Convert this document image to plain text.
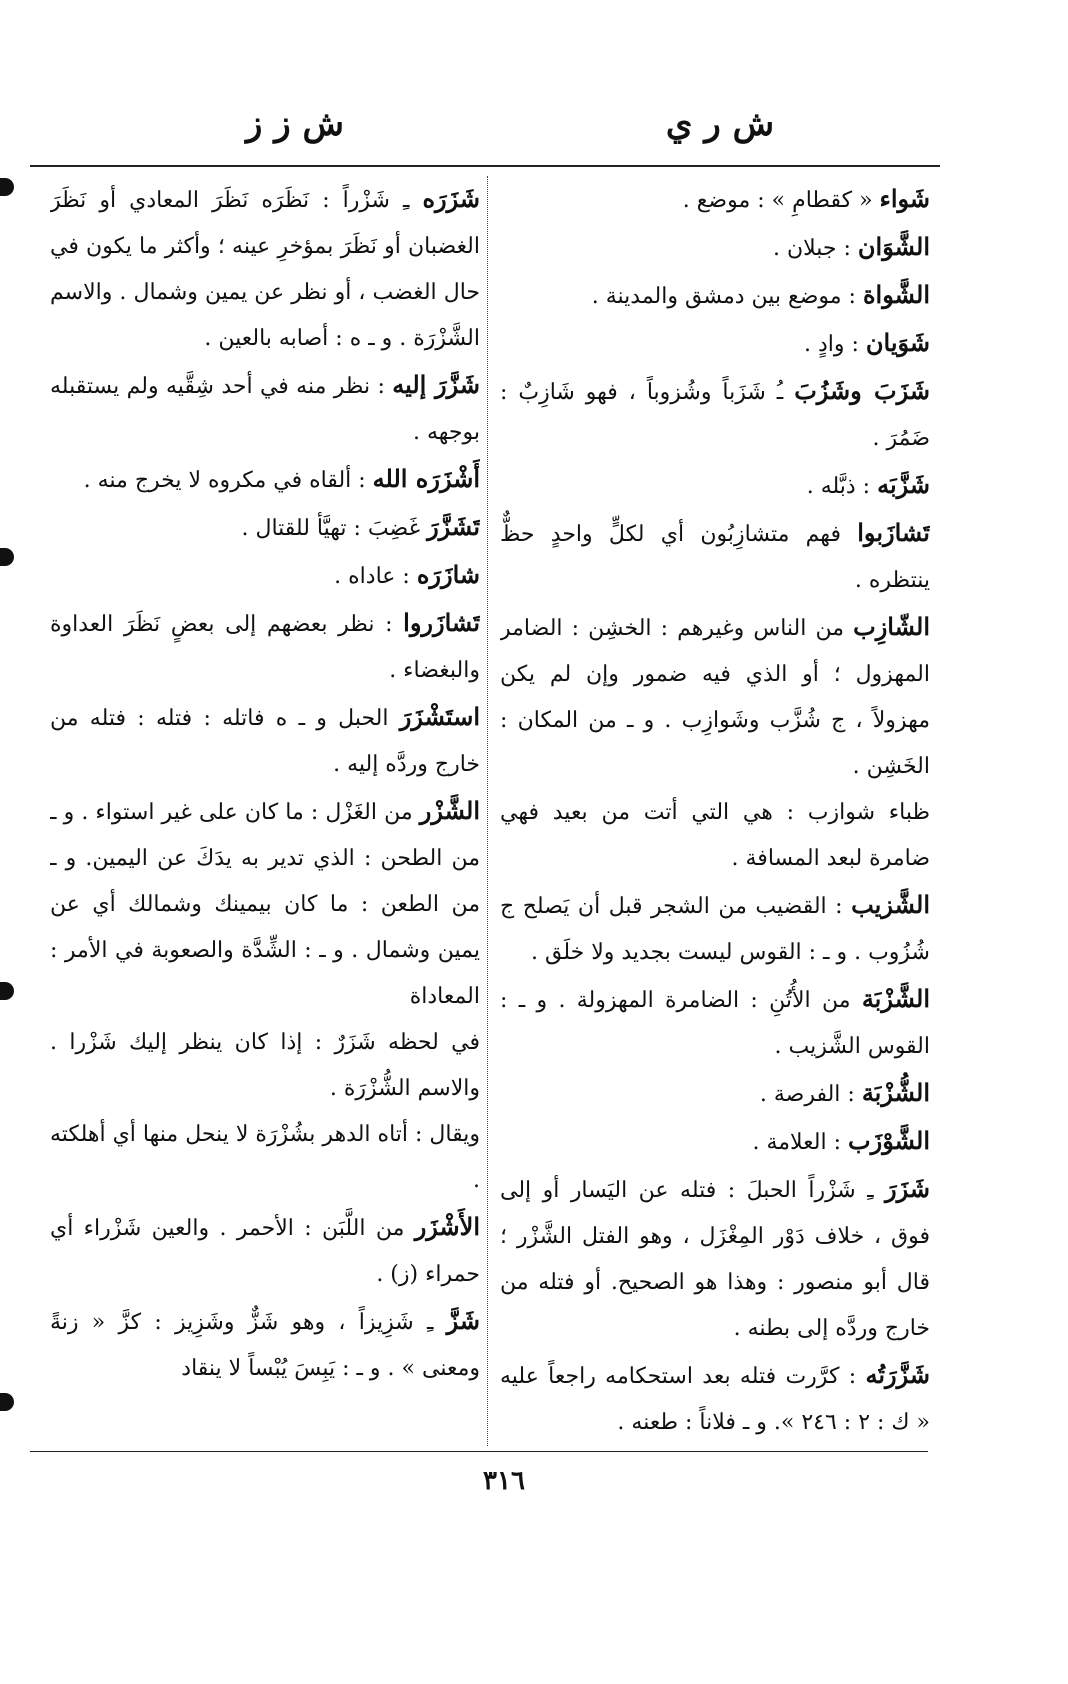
ش ر ي
ش ز ز

شَواء « كقطامِ » : موضع .

الشَّوَان : جبلان .

الشَّواة : موضع بين دمشق والمدينة .

شَوَيان : وادٍ .

شَزَبَ وشَزُبَ ـُ شَزَباً وشُزوباً ، فهو شَازِبٌ : ضَمُرَ .

شَزَّبَه : ذبَّله .

تَشازَبوا فهم متشازِبُون أي لكلٍّ واحدٍ حظٌّ ينتظره .

الشّازِب من الناس وغيرهم : الخشِن : الضامر المهزول ؛ أو الذي فيه ضمور وإن لم يكن مهزولاً ، ج شُزَّب وشَوازِب . و ـ من المكان : الخَشِن .

ظباء شوازب : هي التي أتت من بعيد فهي ضامرة لبعد المسافة .

الشَّزيب : القضيب من الشجر قبل أن يَصلح ج شُزُوب . و ـ : القوس ليست بجديد ولا خلَق .

الشَّزْبَة من الأُتُنِ : الضامرة المهزولة . و ـ : القوس الشَّزيب .

الشُّزْبَة : الفرصة .

الشَّوْزَب : العلامة .

شَزَرَ ـِ شَزْراً الحبلَ : فتله عن اليَسار أو إلى فوق ، خلاف دَوْر المِغْزَل ، وهو الفتل الشَّزْر ؛ قال أبو منصور : وهذا هو الصحيح. أو فتله من خارج وردَّه إلى بطنه .

شَزَّرَتُه : كرَّرت فتله بعد استحكامه راجعاً عليه « ك : ٢ : ٢٤٦ ». و ـ فلاناً : طعنه .

شَزَرَه ـِ شَزْراً : نَظَرَه نَظَرَ المعادي أو نَظَرَ الغضبان أو نَظَرَ بمؤخرِ عينه ؛ وأكثر ما يكون في حال الغضب ، أو نظر عن يمين وشمال . والاسم الشَّزْرَة . و ـ ه : أصابه بالعين .

شَزَّرَ إليه : نظر منه في أحد شِقَّيه ولم يستقبله بوجهه .

أَشْزَرَه الله : ألقاه في مكروه لا يخرج منه .

تَشَزَّرَ غَضِبَ : تهيَّأ للقتال .

شازَرَه : عاداه .

تَشازَروا : نظر بعضهم إلى بعضٍ نَظَرَ العداوة والبغضاء .

استَشْزَرَ الحبل و ـ ه فاتله : فتله : فتله من خارج وردَّه إليه .

الشَّزْر من الغَزْل : ما كان على غير استواء . و ـ من الطحن : الذي تدير به يدَكَ عن اليمين. و ـ من الطعن : ما كان بيمينك وشمالك أي عن يمين وشمال . و ـ : الشِّدَّة والصعوبة في الأمر : المعاداة

في لحظه شَزَرٌ : إذا كان ينظر إليك شَزْرا . والاسم الشُّزْرَة .

ويقال : أتاه الدهر بشُزْرَة لا ينحل منها أي أهلكته .

الأَشْزَر من اللَّبَن : الأحمر . والعين شَزْراء أي حمراء (ز) .

شَزَّ ـِ شَزِيزاً ، وهو شَزٌّ وشَزِيز : كزَّ « زنةً ومعنى » . و ـ : يَبِسَ يُبْساً لا ينقاد

٣١٦
